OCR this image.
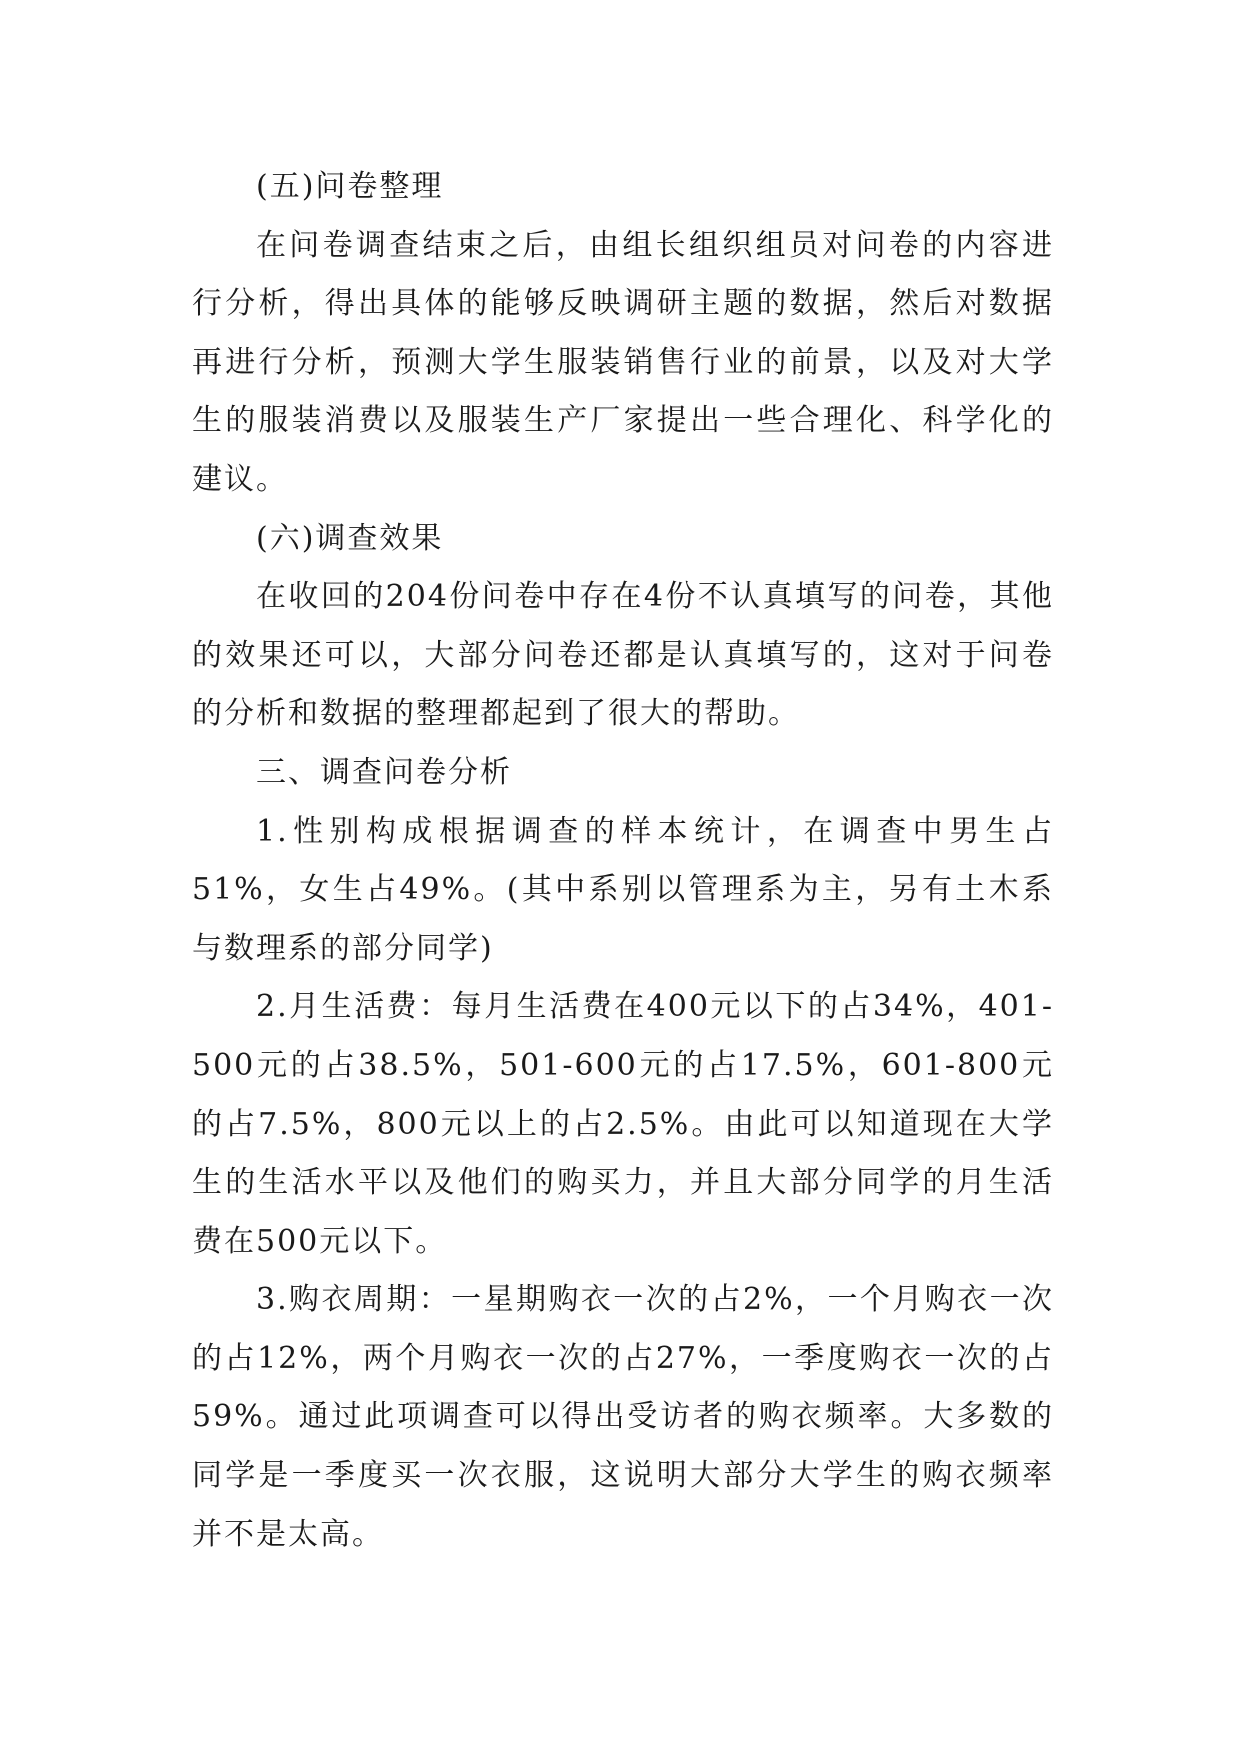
(五)问卷整理

在问卷调查结束之后，由组长组织组员对问卷的内容进行分析，得出具体的能够反映调研主题的数据，然后对数据再进行分析，预测大学生服装销售行业的前景，以及对大学生的服装消费以及服装生产厂家提出一些合理化、科学化的建议。

(六)调查效果

在收回的204份问卷中存在4份不认真填写的问卷，其他的效果还可以，大部分问卷还都是认真填写的，这对于问卷的分析和数据的整理都起到了很大的帮助。

三、调查问卷分析

1.性别构成根据调查的样本统计，在调查中男生占51%，女生占49%。(其中系别以管理系为主，另有土木系与数理系的部分同学)

2.月生活费：每月生活费在400元以下的占34%，401-500元的占38.5%，501-600元的占17.5%，601-800元的占7.5%，800元以上的占2.5%。由此可以知道现在大学生的生活水平以及他们的购买力，并且大部分同学的月生活费在500元以下。

3.购衣周期：一星期购衣一次的占2%，一个月购衣一次的占12%，两个月购衣一次的占27%，一季度购衣一次的占59%。通过此项调查可以得出受访者的购衣频率。大多数的同学是一季度买一次衣服，这说明大部分大学生的购衣频率并不是太高。
